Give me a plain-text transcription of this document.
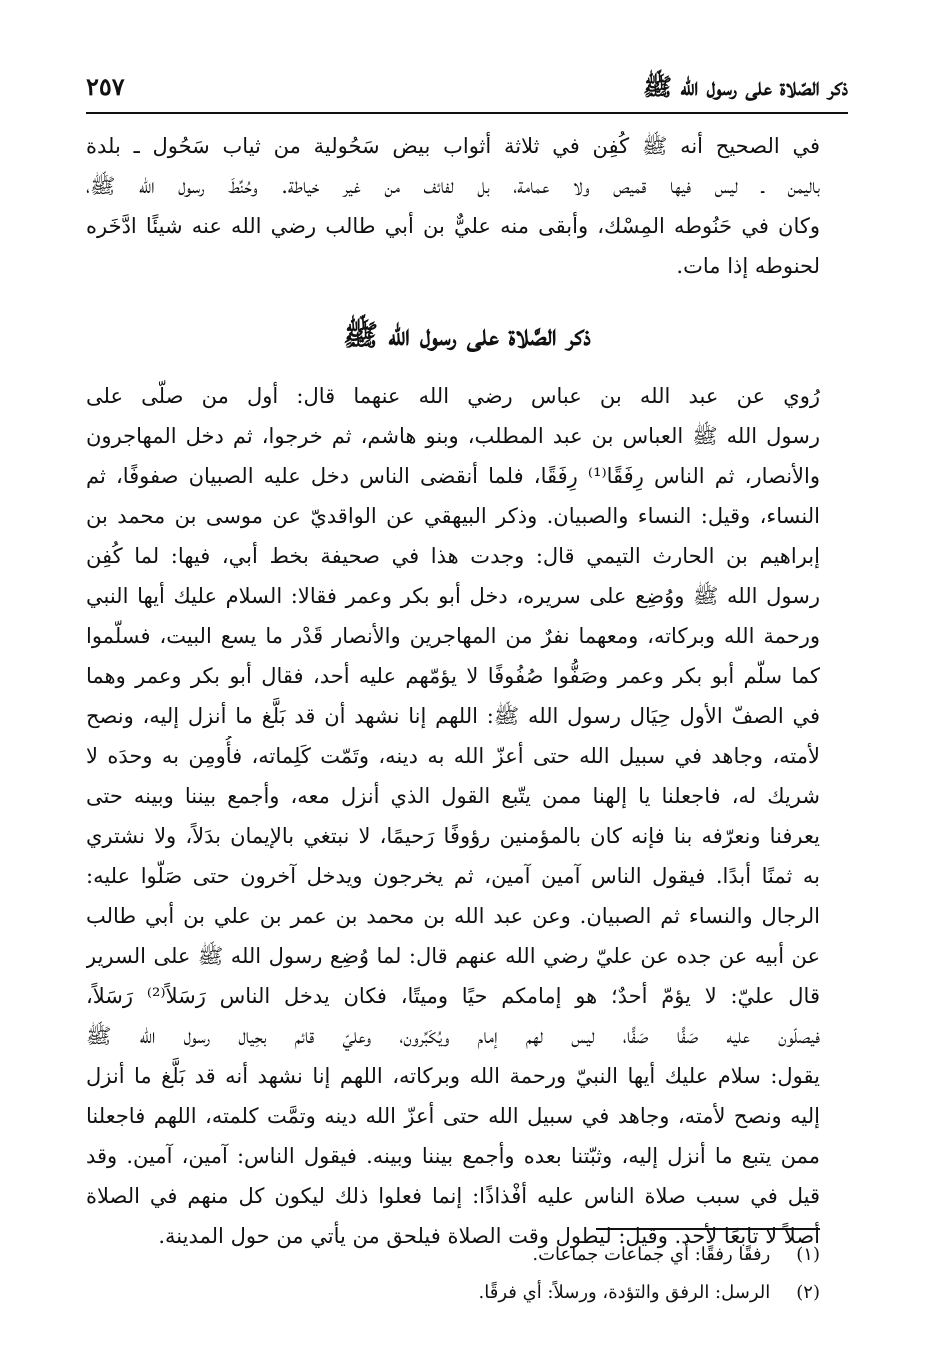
ذكر الصّلاة على رسول الله ﷺ
٢٥٧
في الصحيح أنه ﷺ كُفِن في ثلاثة أثواب بيض سَحُولية من ثياب سَحُول ـ بلدة
باليمن ـ ليس فيها قميص ولا عمامة، بل لفائف من غير خياطة. وحُنِّطَ رسول الله ﷺ،
وكان في حَنُوطه المِسْك، وأبقى منه عليٌّ بن أبي طالب رضي الله عنه شيئًا ادَّخَره
لحنوطه إذا مات.
ذكر الصَّلاة على رسول الله ﷺ
رُوي عن عبد الله بن عباس رضي الله عنهما قال: أول من صلّى على
رسول الله ﷺ العباس بن عبد المطلب، وبنو هاشم، ثم خرجوا، ثم دخل المهاجرون
والأنصار، ثم الناس رِفَقًا⁽¹⁾ رِفَقًا، فلما أنقضى الناس دخل عليه الصبيان صفوفًا، ثم
النساء، وقيل: النساء والصبيان. وذكر البيهقي عن الواقديّ عن موسى بن محمد بن
إبراهيم بن الحارث التيمي قال: وجدت هذا في صحيفة بخط أبي، فيها: لما كُفِن
رسول الله ﷺ ووُضِع على سريره، دخل أبو بكر وعمر فقالا: السلام عليك أيها النبي
ورحمة الله وبركاته، ومعهما نفرٌ من المهاجرين والأنصار قَدْر ما يسع البيت، فسلّموا
كما سلّم أبو بكر وعمر وصَفُّوا صُفُوفًا لا يؤمّهم عليه أحد، فقال أبو بكر وعمر وهما
في الصفّ الأول حِيَال رسول الله ﷺ: اللهم إنا نشهد أن قد بَلَّغ ما أنزل إليه، ونصح
لأمته، وجاهد في سبيل الله حتى أعزّ الله به دينه، وتَمّت كَلِماته، فأُومِن به وحدَه لا
شريك له، فاجعلنا يا إلهنا ممن يتّبع القول الذي أنزل معه، وأجمع بيننا وبينه حتى
يعرفنا ونعرّفه بنا فإنه كان بالمؤمنين رؤوفًا رَحيمًا، لا نبتغي بالإيمان بدَلاً، ولا نشتري
به ثمنًا أبدًا. فيقول الناس آمين آمين، ثم يخرجون ويدخل آخرون حتى صَلّوا عليه:
الرجال والنساء ثم الصبيان. وعن عبد الله بن محمد بن عمر بن علي بن أبي طالب
عن أبيه عن جده عن عليّ رضي الله عنهم قال: لما وُضِع رسول الله ﷺ على السرير
قال عليّ: لا يؤمّ أحدٌ؛ هو إمامكم حيًا وميتًا، فكان يدخل الناس رَسَلاً⁽²⁾ رَسَلاً،
فيصلّون عليه صَفًّا صَفًّا، ليس لهم إمام ويُكَبِّرون، وعليّ قائم بحِيال رسول الله ﷺ
يقول: سلام عليك أيها النبيّ ورحمة الله وبركاته، اللهم إنا نشهد أنه قد بَلَّغ ما أنزل
إليه ونصح لأمته، وجاهد في سبيل الله حتى أعزّ الله دينه وتمَّت كلمته، اللهم فاجعلنا
ممن يتبع ما أنزل إليه، وثبّتنا بعده وأجمع بيننا وبينه. فيقول الناس: آمين، آمين. وقد
قيل في سبب صلاة الناس عليه أفْذاذًا: إنما فعلوا ذلك ليكون كل منهم في الصلاة
أصلاً لا تابعًا لأحد. وقيل: ليطول وقت الصلاة فيلحق من يأتي من حول المدينة.
(١) رفقًا رفقًا: أي جماعات جماعات.
(٢) الرسل: الرفق والتؤدة، ورسلاً: أي فرقًا.
